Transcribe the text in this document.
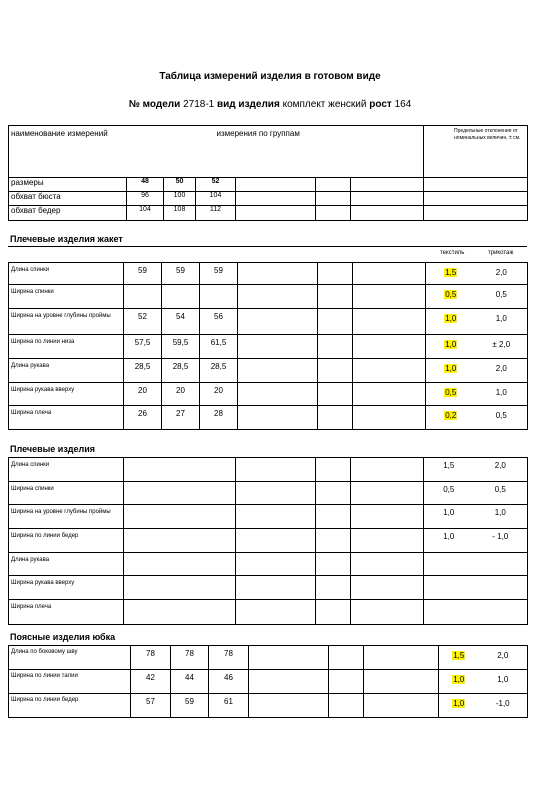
Таблица измерений изделия в готовом виде
№ модели 2718-1 вид изделия комплект женский рост 164
наименование измерений	измерения по группам						Предельные отклонения от номинальных величин, ± см.
размеры	48	50	52				
обхват бюста	96	100	104				
обхват бедер	104	108	112				
Плечевые изделия жакет
текстиль	трикотаж
Длина спинки	59	59	59				1,5	2,0
Ширина спинки							0,5	0,5
Ширина на уровне глубины проймы	52	54	56				1,0	1,0
Ширина по линии низа	57,5	59,5	61,5				1,0	± 2,0
Длина рукава	28,5	28,5	28,5				1,0	2,0
Ширина рукава вверху	20	20	20				0,5	1,0
Ширина плеча	26	27	28				0,2	0,5
Плечевые изделия
Длина спинки					1,5	2,0
Ширина спинки					0,5	0,5
Ширина на уровне глубины проймы					1,0	1,0
Ширина по линии бедер					1,0	- 1,0
Длина рукава						
Ширина рукава вверху						
Ширина плеча						
Поясные изделия юбка
Длина по боковому шву	78	78	78				1,5	2,0
Ширина по линии талии	42	44	46				1,0	1,0
Ширина по линии бедер	57	59	61				1,0	-1,0
